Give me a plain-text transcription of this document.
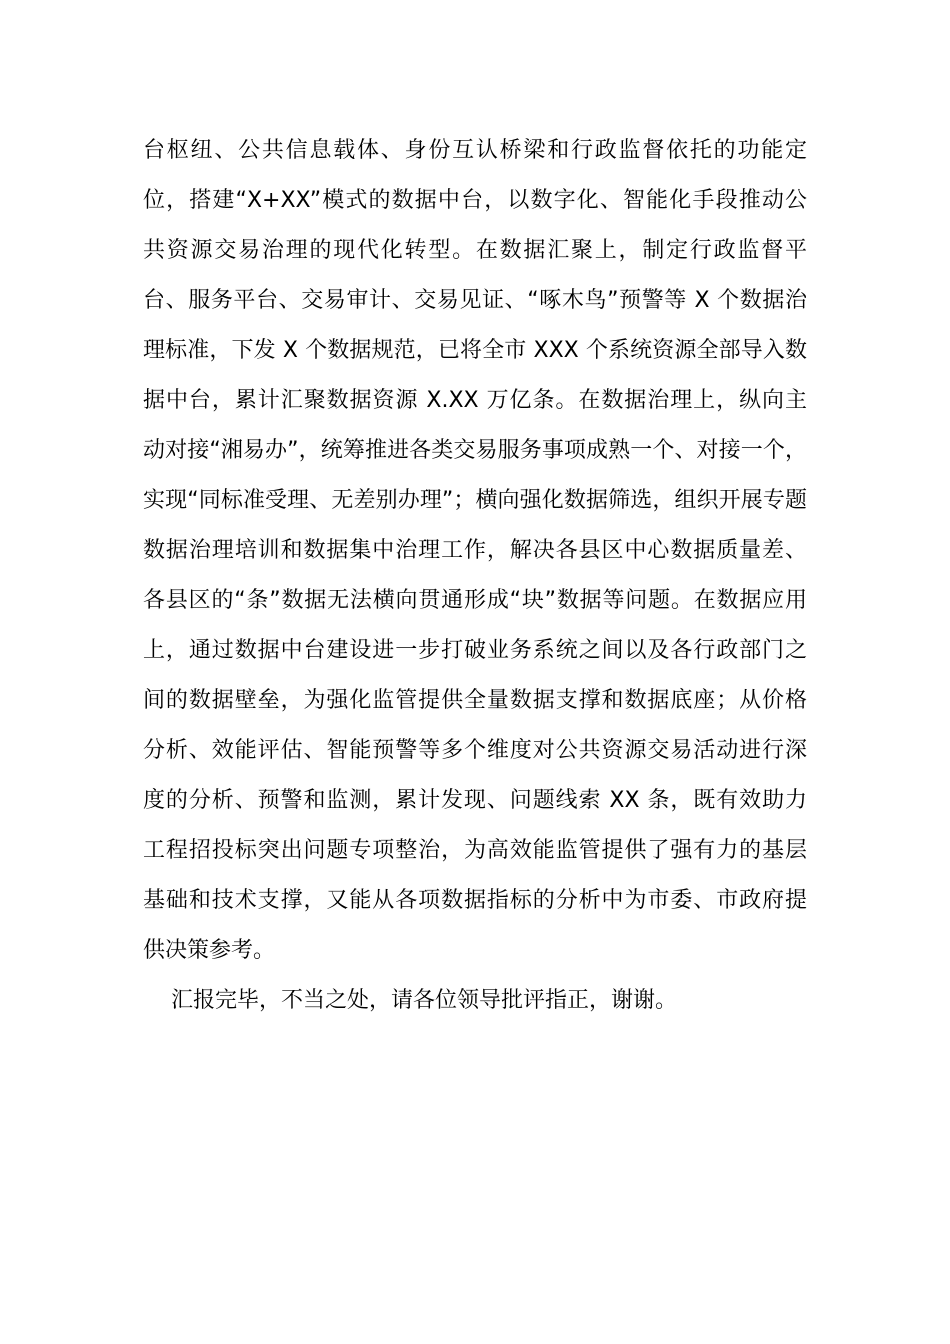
台枢纽、公共信息载体、身份互认桥梁和行政监督依托的功能定
位，搭建“X+XX”模式的数据中台，以数字化、智能化手段推动公
共资源交易治理的现代化转型。在数据汇聚上，制定行政监督平
台、服务平台、交易审计、交易见证、“啄木鸟”预警等 X 个数据治
理标准，下发 X 个数据规范，已将全市 XXX 个系统资源全部导入数
据中台，累计汇聚数据资源 X.XX 万亿条。在数据治理上，纵向主
动对接“湘易办”，统筹推进各类交易服务事项成熟一个、对接一个，
实现“同标准受理、无差别办理”；横向强化数据筛选，组织开展专题
数据治理培训和数据集中治理工作，解决各县区中心数据质量差、
各县区的“条”数据无法横向贯通形成“块”数据等问题。在数据应用
上，通过数据中台建设进一步打破业务系统之间以及各行政部门之
间的数据壁垒，为强化监管提供全量数据支撑和数据底座；从价格
分析、效能评估、智能预警等多个维度对公共资源交易活动进行深
度的分析、预警和监测，累计发现、问题线索 XX 条，既有效助力
工程招投标突出问题专项整治，为高效能监管提供了强有力的基层
基础和技术支撑，又能从各项数据指标的分析中为市委、市政府提
供决策参考。
汇报完毕，不当之处，请各位领导批评指正，谢谢。
